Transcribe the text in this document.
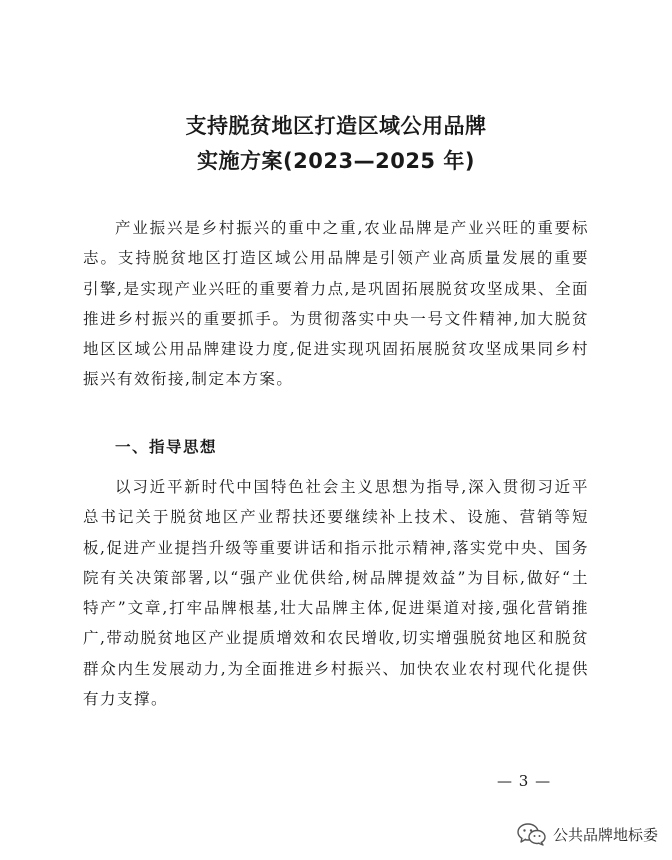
支持脱贫地区打造区域公用品牌
实施方案(2023—2025 年)

产业振兴是乡村振兴的重中之重,农业品牌是产业兴旺的重要标志。支持脱贫地区打造区域公用品牌是引领产业高质量发展的重要引擎,是实现产业兴旺的重要着力点,是巩固拓展脱贫攻坚成果、全面推进乡村振兴的重要抓手。为贯彻落实中央一号文件精神,加大脱贫地区区域公用品牌建设力度,促进实现巩固拓展脱贫攻坚成果同乡村振兴有效衔接,制定本方案。

一、指导思想

以习近平新时代中国特色社会主义思想为指导,深入贯彻习近平总书记关于脱贫地区产业帮扶还要继续补上技术、设施、营销等短板,促进产业提挡升级等重要讲话和指示批示精神,落实党中央、国务院有关决策部署,以“强产业优供给,树品牌提效益”为目标,做好“土特产”文章,打牢品牌根基,壮大品牌主体,促进渠道对接,强化营销推广,带动脱贫地区产业提质增效和农民增收,切实增强脱贫地区和脱贫群众内生发展动力,为全面推进乡村振兴、加快农业农村现代化提供有力支撑。

— 3 —
公共品牌地标委
